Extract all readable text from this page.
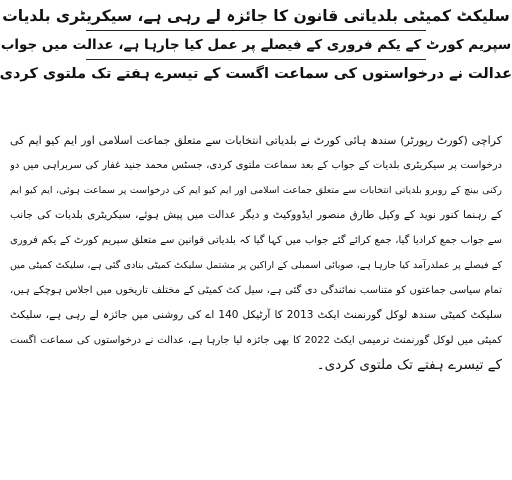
سلیکٹ کمیٹی بلدیاتی قانون کا جائزہ لے رہی ہے، سیکریٹری بلدیات
سپریم کورٹ کے یکم فروری کے فیصلے پر عمل کیا جارہا ہے، عدالت میں جواب
عدالت نے درخواستوں کی سماعت اگست کے تیسرے ہفتے تک ملتوی کردی
کراچی (کورٹ رپورٹر) سندھ ہائی کورٹ نے بلدیاتی انتخابات سے متعلق جماعت اسلامی اور ایم کیو ایم کی
درخواست پر سیکریٹری بلدیات کے جواب کے بعد سماعت ملتوی کردی، جسٹس محمد جنید غفار کی سربراہی میں دو
رکنی بینچ کے روبرو بلدیاتی انتخابات سے متعلق جماعت اسلامی اور ایم کیو ایم کی درخواست پر سماعت ہوئی، ایم کیو ایم
کے رہنما کنور نوید کے وکیل طارق منصور ایڈووکیٹ و دیگر عدالت میں پیش ہوئے، سیکریٹری بلدیات کی جانب
سے جواب جمع کرادیا گیا، جمع کرائے گئے جواب میں کہا گیا کہ بلدیاتی قوانین سے متعلق سپریم کورٹ کے یکم فروری
کے فیصلے پر عملدرآمد کیا جارہا ہے، صوبائی اسمبلی کے اراکین پر مشتمل سلیکٹ کمیٹی بنادی گئی ہے، سلیکٹ کمیٹی میں
تمام سیاسی جماعتوں کو متناسب نمائندگی دی گئی ہے، سیل کٹ کمیٹی کے مختلف تاریخوں میں اجلاس ہوچکے ہیں،
سلیکٹ کمیٹی سندھ لوکل گورنمنٹ ایکٹ 2013 کا آرٹیکل 140 اے کی روشنی میں جائزہ لے رہی ہے، سلیکٹ
کمیٹی میں لوکل گورنمنٹ ترمیمی ایکٹ 2022 کا بھی جائزہ لیا جارہا ہے، عدالت نے درخواستوں کی سماعت اگست
کے تیسرے ہفتے تک ملتوی کردی۔
